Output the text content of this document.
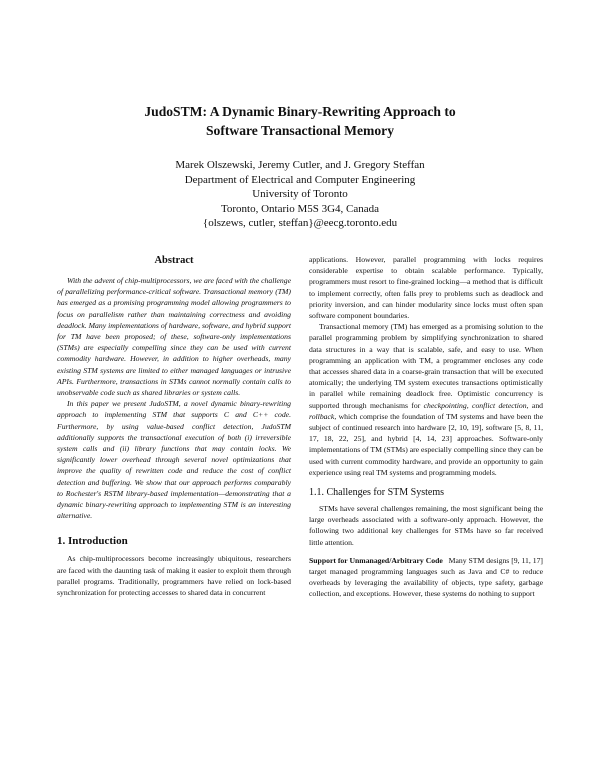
JudoSTM: A Dynamic Binary-Rewriting Approach to
Software Transactional Memory
Marek Olszewski, Jeremy Cutler, and J. Gregory Steffan
Department of Electrical and Computer Engineering
University of Toronto
Toronto, Ontario M5S 3G4, Canada
{olszews, cutler, steffan}@eecg.toronto.edu
Abstract

With the advent of chip-multiprocessors, we are faced with the challenge of parallelizing performance-critical software. Transactional memory (TM) has emerged as a promising programming model allowing programmers to focus on parallelism rather than maintaining correctness and avoiding deadlock. Many implementations of hardware, software, and hybrid support for TM have been proposed; of these, software-only implementations (STMs) are especially compelling since they can be used with current commodity hardware. However, in addition to higher overheads, many existing STM systems are limited to either managed languages or intrusive APIs. Furthermore, transactions in STMs cannot normally contain calls to unobservable code such as shared libraries or system calls.

In this paper we present JudoSTM, a novel dynamic binary-rewriting approach to implementing STM that supports C and C++ code. Furthermore, by using value-based conflict detection, JudoSTM additionally supports the transactional execution of both (i) irreversible system calls and (ii) library functions that may contain locks. We significantly lower overhead through several novel optimizations that improve the quality of rewritten code and reduce the cost of conflict detection and buffering. We show that our approach performs comparably to Rochester's RSTM library-based implementation—demonstrating that a dynamic binary-rewriting approach to implementing STM is an interesting alternative.

1. Introduction

As chip-multiprocessors become increasingly ubiquitous, researchers are faced with the daunting task of making it easier to exploit them through parallel programs. Traditionally, programmers have relied on lock-based synchronization for protecting accesses to shared data in concurrent

applications. However, parallel programming with locks requires considerable expertise to obtain scalable performance. Typically, programmers must resort to fine-grained locking—a method that is difficult to implement correctly, often falls prey to problems such as deadlock and priority inversion, and can hinder modularity since locks must often span software component boundaries.

Transactional memory (TM) has emerged as a promising solution to the parallel programming problem by simplifying synchronization to shared data structures in a way that is scalable, safe, and easy to use. When programming an application with TM, a programmer encloses any code that accesses shared data in a coarse-grain transaction that will be executed atomically; the underlying TM system executes transactions optimistically in parallel while remaining deadlock free. Optimistic concurrency is supported through mechanisms for checkpointing, conflict detection, and rollback, which comprise the foundation of TM systems and have been the subject of continued research into hardware [2, 10, 19], software [5, 8, 11, 17, 18, 22, 25], and hybrid [4, 14, 23] approaches. Software-only implementations of TM (STMs) are especially compelling since they can be used with current commodity hardware, and provide an opportunity to gain experience using real TM systems and programming models.

1.1. Challenges for STM Systems

STMs have several challenges remaining, the most significant being the large overheads associated with a software-only approach. However, the following two additional key challenges for STMs have so far received little attention.

Support for Unmanaged/Arbitrary Code Many STM designs [9, 11, 17] target managed programming languages such as Java and C# to reduce overheads by leveraging the availability of objects, type safety, garbage collection, and exceptions. However, these systems do nothing to support
